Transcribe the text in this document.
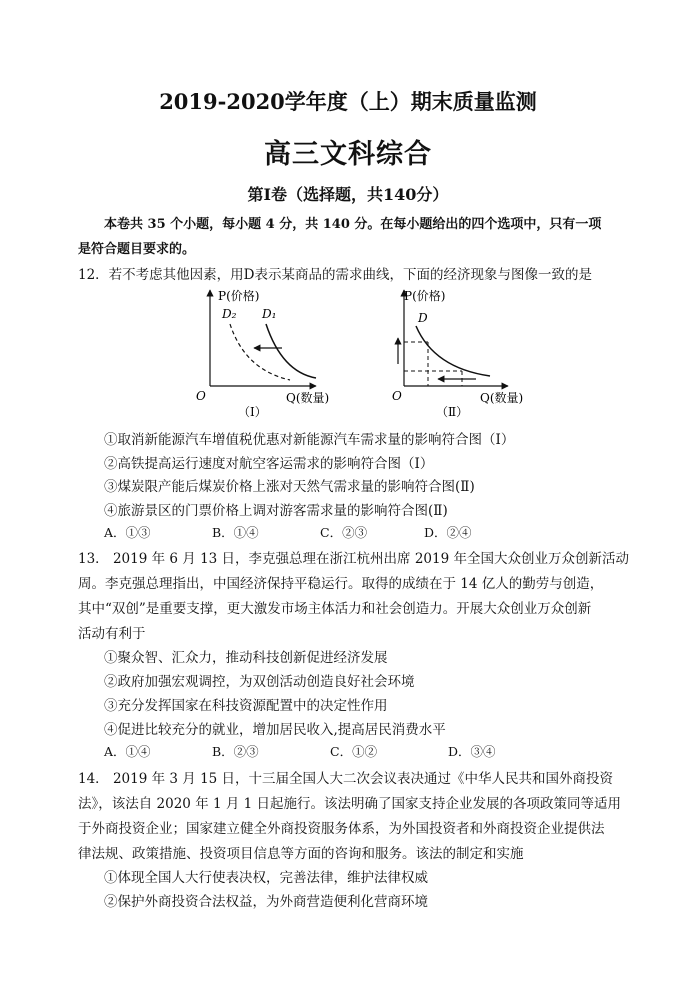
2019-2020学年度（上）期末质量监测
高三文科综合
第Ⅰ卷（选择题，共140分）
本卷共 35 个小题，每小题 4 分，共 140 分。在每小题给出的四个选项中，只有一项
是符合题目要求的。
12．若不考虑其他因素，用D表示某商品的需求曲线，下面的经济现象与图像一致的是
P(价格)
O	Q(数量)
D₂ D₁
（Ⅰ）
P(价格)
O	Q(数量)
D
（Ⅱ）
①取消新能源汽车增值税优惠对新能源汽车需求量的影响符合图（Ⅰ）
②高铁提高运行速度对航空客运需求的影响符合图（Ⅰ）
③煤炭限产能后煤炭价格上涨对天然气需求量的影响符合图(Ⅱ)
④旅游景区的门票价格上调对游客需求量的影响符合图(Ⅱ)
A．①③	B．①④	C．②③	D．②④
13． 2019 年 6 月 13 日，李克强总理在浙江杭州出席 2019 年全国大众创业万众创新活动
周。李克强总理指出，中国经济保持平稳运行。取得的成绩在于 14 亿人的勤劳与创造，
其中“双创”是重要支撑，更大激发市场主体活力和社会创造力。开展大众创业万众创新
活动有利于
①聚众智、汇众力，推动科技创新促进经济发展
②政府加强宏观调控，为双创活动创造良好社会环境
③充分发挥国家在科技资源配置中的决定性作用
④促进比较充分的就业，增加居民收入,提高居民消费水平
A．①④	B．②③	C．①②	D．③④
14． 2019 年 3 月 15 日，十三届全国人大二次会议表决通过《中华人民共和国外商投资
法》，该法自 2020 年 1 月 1 日起施行。该法明确了国家支持企业发展的各项政策同等适用
于外商投资企业；国家建立健全外商投资服务体系，为外国投资者和外商投资企业提供法
律法规、政策措施、投资项目信息等方面的咨询和服务。该法的制定和实施
①体现全国人大行使表决权，完善法律，维护法律权威
②保护外商投资合法权益，为外商营造便利化营商环境
